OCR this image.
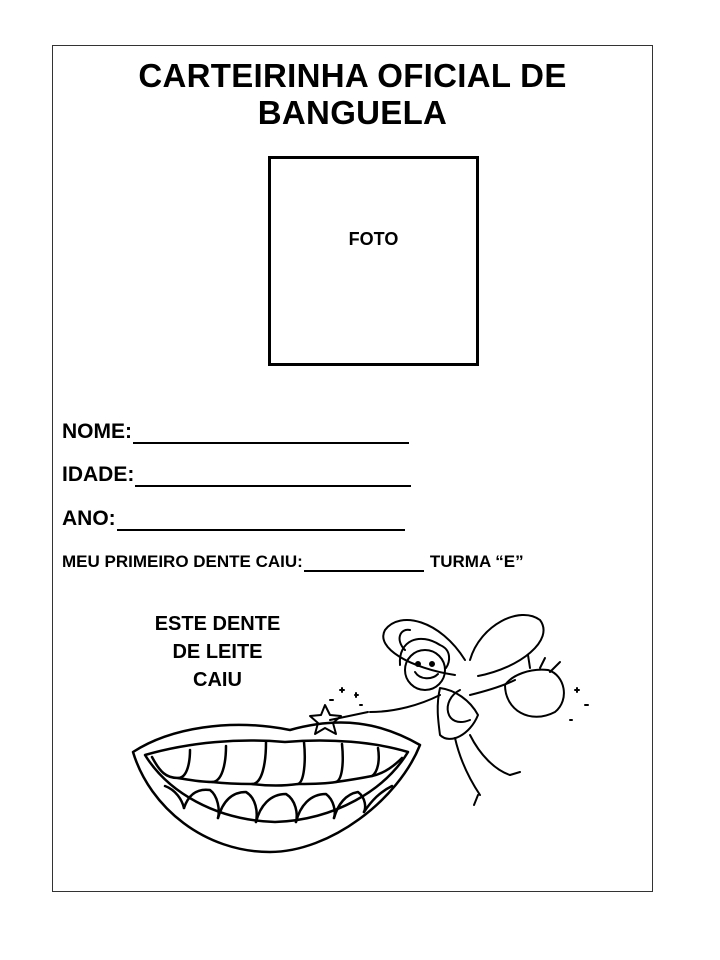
CARTEIRINHA OFICIAL DE
BANGUELA
FOTO
NOME:
IDADE:
ANO:
MEU PRIMEIRO DENTE CAIU:	TURMA “E”
ESTE DENTE
DE LEITE
CAIU
